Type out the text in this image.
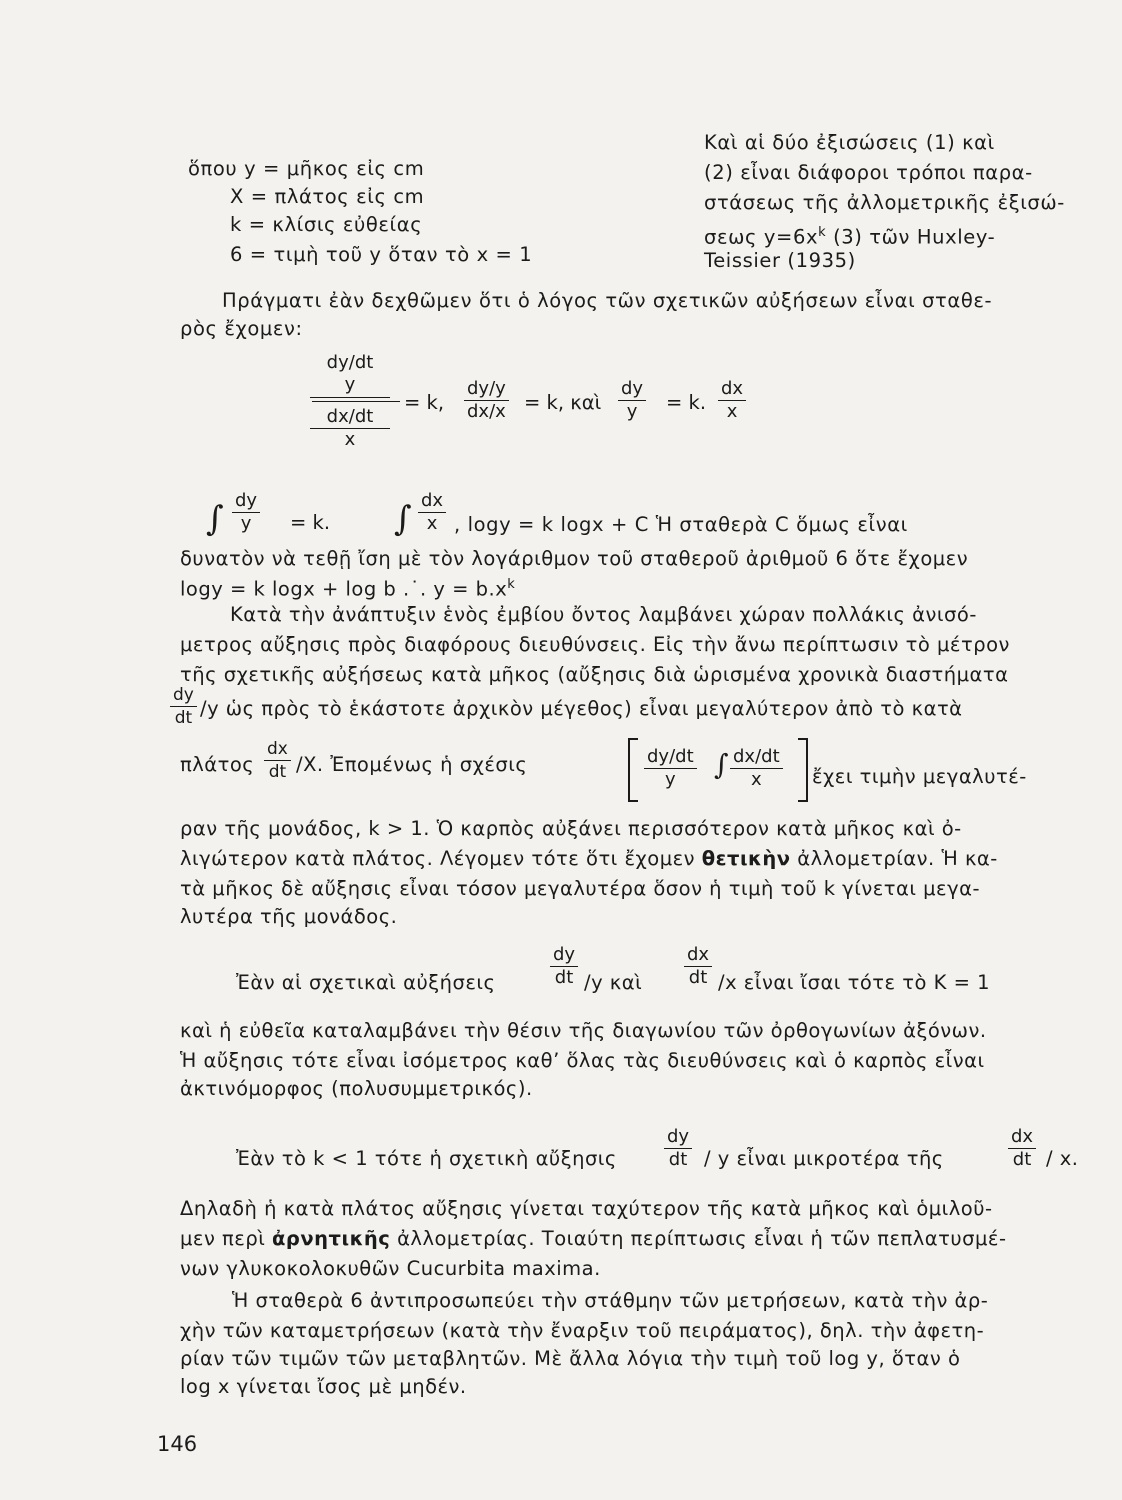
ὅπου y = μῆκος εἰς cm
X = πλάτος εἰς cm
k = κλίσις εὐθείας
6 = τιμὴ τοῦ y ὅταν τὸ x = 1
Καὶ αἱ δύο ἐξισώσεις (1) καὶ
(2) εἶναι διάφοροι τρόποι παρα-
στάσεως τῆς ἀλλομετρικῆς ἐξισώ-
σεως $y=6x^k$ (3) τῶν Huxley-
Teissier (1935)
Πράγματι ἐὰν δεχθῶμεν ὅτι ὁ λόγος τῶν σχετικῶν αὐξήσεων εἶναι σταθε-
ρὸς ἔχομεν:
dy/dt
y
$\frac{dx/dt}{x}$
= k, $\frac{dy/y}{dx/x} = k$, καὶ $\frac{dy}{y} = k$. $\frac{dx}{x}$
∫ $\frac{dy}{y} = k$. ∫ $\frac{dx}{x}$ , logy = k logx + C Ἡ σταθερὰ C ὅμως εἶναι
δυνατὸν νὰ τεθῇ ἴση μὲ τὸν λογάριθμον τοῦ σταθεροῦ ἀριθμοῦ 6 ὅτε ἔχομεν
logy = k logx + log b .˙. $y = b.x^k$
Κατὰ τὴν ἀνάπτυξιν ἑνὸς ἐμβίου ὄντος λαμβάνει χώραν πολλάκις ἀνισό-
μετρος αὔξησις πρὸς διαφόρους διευθύνσεις. Εἰς τὴν ἄνω περίπτωσιν τὸ μέτρον
τῆς σχετικῆς αὐξήσεως κατὰ μῆκος (αὔξησις διὰ ὡρισμένα χρονικὰ διαστήματα
$\frac{dy}{dt} /y$ ὡς πρὸς τὸ ἑκάστοτε ἀρχικὸν μέγεθος) εἶναι μεγαλύτερον ἀπὸ τὸ κατὰ
πλάτος $\frac{dx}{dt} /X$. Ἐπομένως ἡ σχέσις	$\frac{dy/dt}{y}$ ∫ $\frac{dx/dt}{x}$ ἔχει τιμὴν μεγαλυτέ-
ραν τῆς μονάδος, k > 1. Ὁ καρπὸς αὐξάνει περισσότερον κατὰ μῆκος καὶ ὀ-
λιγώτερον κατὰ πλάτος. Λέγομεν τότε ὅτι ἔχομεν θετικὴν ἀλλομετρίαν. Ἡ κα-
τὰ μῆκος δὲ αὔξησις εἶναι τόσον μεγαλυτέρα ὅσον ἡ τιμὴ τοῦ k γίνεται μεγα-
λυτέρα τῆς μονάδος.
Ἐὰν αἱ σχετικαὶ αὐξήσεις	$\frac{dy}{dt} /y$ καὶ $\frac{dx}{dt} /x$ εἶναι ἴσαι τότε τὸ K = 1
καὶ ἡ εὐθεῖα καταλαμβάνει τὴν θέσιν τῆς διαγωνίου τῶν ὀρθογωνίων ἀξόνων.
Ἡ αὔξησις τότε εἶναι ἰσόμετρος καθ’ ὅλας τὰς διευθύνσεις καὶ ὁ καρπὸς εἶναι
ἀκτινόμορφος (πολυσυμμετρικός).
Ἐὰν τὸ k < 1 τότε ἡ σχετικὴ αὔξησις	$\frac{dy}{dt}$ / y εἶναι μικροτέρα τῆς	$\frac{dx}{dt}$ / x.
Δηλαδὴ ἡ κατὰ πλάτος αὔξησις γίνεται ταχύτερον τῆς κατὰ μῆκος καὶ ὁμιλοῦ-
μεν περὶ ἀρνητικῆς ἀλλομετρίας. Τοιαύτη περίπτωσις εἶναι ἡ τῶν πεπλατυσμέ-
νων γλυκοκολοκυθῶν Cucurbita maxima.
Ἡ σταθερὰ 6 ἀντιπροσωπεύει τὴν στάθμην τῶν μετρήσεων, κατὰ τὴν ἀρ-
χὴν τῶν καταμετρήσεων (κατὰ τὴν ἔναρξιν τοῦ πειράματος), δηλ. τὴν ἀφετη-
ρίαν τῶν τιμῶν τῶν μεταβλητῶν. Μὲ ἄλλα λόγια τὴν τιμὴ τοῦ log y, ὅταν ὁ
log x γίνεται ἴσος μὲ μηδέν.
146
